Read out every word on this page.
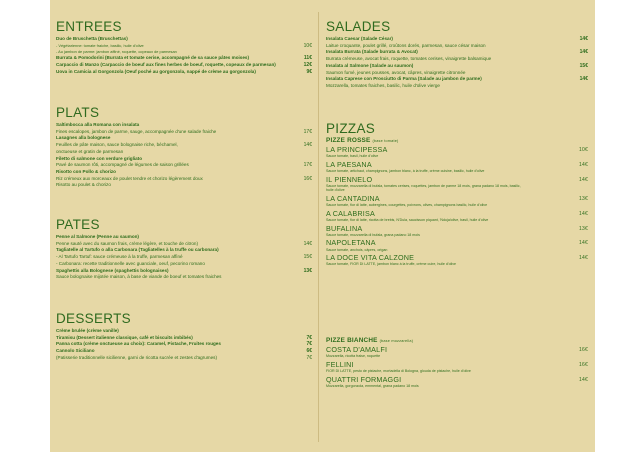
ENTREES
Duo de Bruschetta (Bruschettas)
- Végétarienne: tomate fraiche, basilic, huile d'olive	10€
- Au jambon de parme: jambon affiné, roquette, copeaux de parmesan
Burrata & Pomodorini (Burrata et tomate cerise, accompagné de sa sauce pâtes moises)	11€
Carpaccio di Manzo (Carpaccio de boeuf aux fines herbes de boeuf, roquette, copeaux de parmesan)	12€
Uova in Camicia al Gorgonzola (Oeuf poché au gorgonzola, nappé de crème au gorgonzola)	9€
PLATS
Saltimbocca alla Romana con insalata
Fines escalopes, jambon de parme, sauge, accompagnée d'une salade fraiche	17€
Lasagnes alla bolognese
Feuilles de pâte maison, sauce bolognaise riche, béchamel,	14€
onctueuse et gratin de parmesan
Filetto di salmone con verdure grigliato
Pavé de saumon rôti, accompagné de légumes de saison grillées	17€
Risotto con Pollo & chorizo
Riz crémeux aux morceaux de poulet tendre et chorizo légèrement doux	16€
Risotto au poulet & chorizo
PATES
Penne al Salmone (Penne au saumon)
Penne sauté avec du saumon frais, crème légère, et touche de citron)	14€
Tagliatelle al Tartufo o alla Carbonara (Tagliatelles à la truffe ou carbonara)
- Al Tartufo Tartuf: sauce crémeuse à la truffe, parmesan affiné	15€
- Carbonara: recette traditionnelle avec guanciale, oeuf, pecorino romano
Spaghettis alla Bolognese (spaghettis bolognaises)	13€
Sauce bolognaise mijotée maison, à base de viande de boeuf et tomates fraiches
DESSERTS
Crème brulée (crème vanille)
Tiramisu (Dessert italienne classique, café et biscuits imbibés)	7€
Panna cotta (crème onctueuse au choix): Caramel, Pistache, Fruites rouges	7€
Cannolo Siciliano	6€
(Patisserie traditionnelle sicilienne, garni de ricotta sucrée et zestes d'agrumes)	7€
SALADES
Insalata Caesar (Salade César)	14€
Laitue croquante, poulet grillé, croûtons dorés, parmesan, sauce césar maison
Insalata Burrata (Salade burrata & Avocat)	14€
Burrata crémeuse, avocat frais, roquette, tomates cerises, vinaigrette balsamique
Insalata al Salmone (Salade au saumon)	15€
Saumon fumé, jeunes pousses, avocat, câpres, vinaigrette citronnée
Insalata Caprese con Prosciutto di Parma (Salade au jambon de parme)	14€
Mozzarella, tomates fraiches, basilic, huile d'olive vierge
PIZZAS
PIZZE ROSSE (base tomate)
LA PRINCIPESSA	10€
Sauce tomate, basil, huile d'olive
LA PAESANA	14€
Sauce tomate, artichaut, champignons, jambon blanc, à la truffe, crème cuisine, basilic, huile d'olive
IL PIENNELO	14€
Sauce tomate, mozzarella di bufala, tomates cerises, roquettes, jambon de parme 18 mois, grana padano 18 mois, basilic, huile d'olive
LA CANTADINA	13€
Sauce tomate, fior di latte, aubergines, courgettes, poivrons, olives, champignons basilic, huile d'olive
A CALABRISA	14€
Sauce tomate, fior di latte, ricotta de brebis, N'Dula, saucisson piquant, 'Nduja/olive, basil, huile d'olive
BUFALINA	13€
Sauce tomate, mozzarella di bufala, grana padano 18 mois
NAPOLETANA	14€
Sauce tomate, anchois, câpres, origan
LA DOCE VITA CALZONE	14€
Sauce tomate, FIOR DI LATTE, jambon blanc à la truffe, crème cuire, huile d'olive
PIZZE BIANCHE (base mozzarella)
COSTA D'AMALFI	16€
Mozzarella, ricotta fraise, roquette
FELLINI	16€
FIOR DI LATTE, pesto de pistache, mortadella di Bologna, glouda de pistache, huile d'olive
QUATTRI FORMAGGI	14€
Mozzarella, gorgonzola, emmental, grana padano 18 mois
